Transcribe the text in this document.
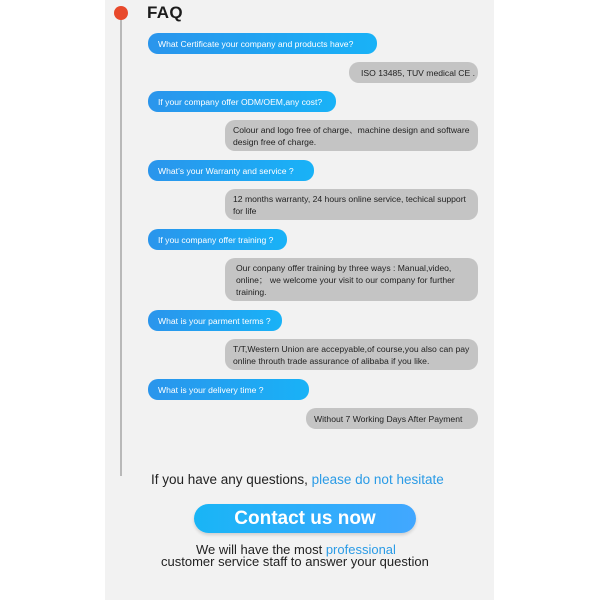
FAQ
What Certificate your company and products have?
ISO 13485, TUV medical CE .
If your company offer ODM/OEM,any cost?
Colour and logo free of charge、machine design and software design free of charge.
What’s your Warranty and service ?
12 months warranty, 24 hours online service, techical support for life
If you company offer training ?
Our conpany offer training by three ways : Manual,video, online； we welcome your visit to our company for further training.
What is your parment terms ?
T/T,Western Union are accepyable,of course,you also can pay online throuth trade assurance of alibaba if you like.
What is your delivery time ?
Without 7 Working Days After Payment
If you have any questions, please do not hesitate
Contact us now
We will have the most professional
customer service staff to answer your question
